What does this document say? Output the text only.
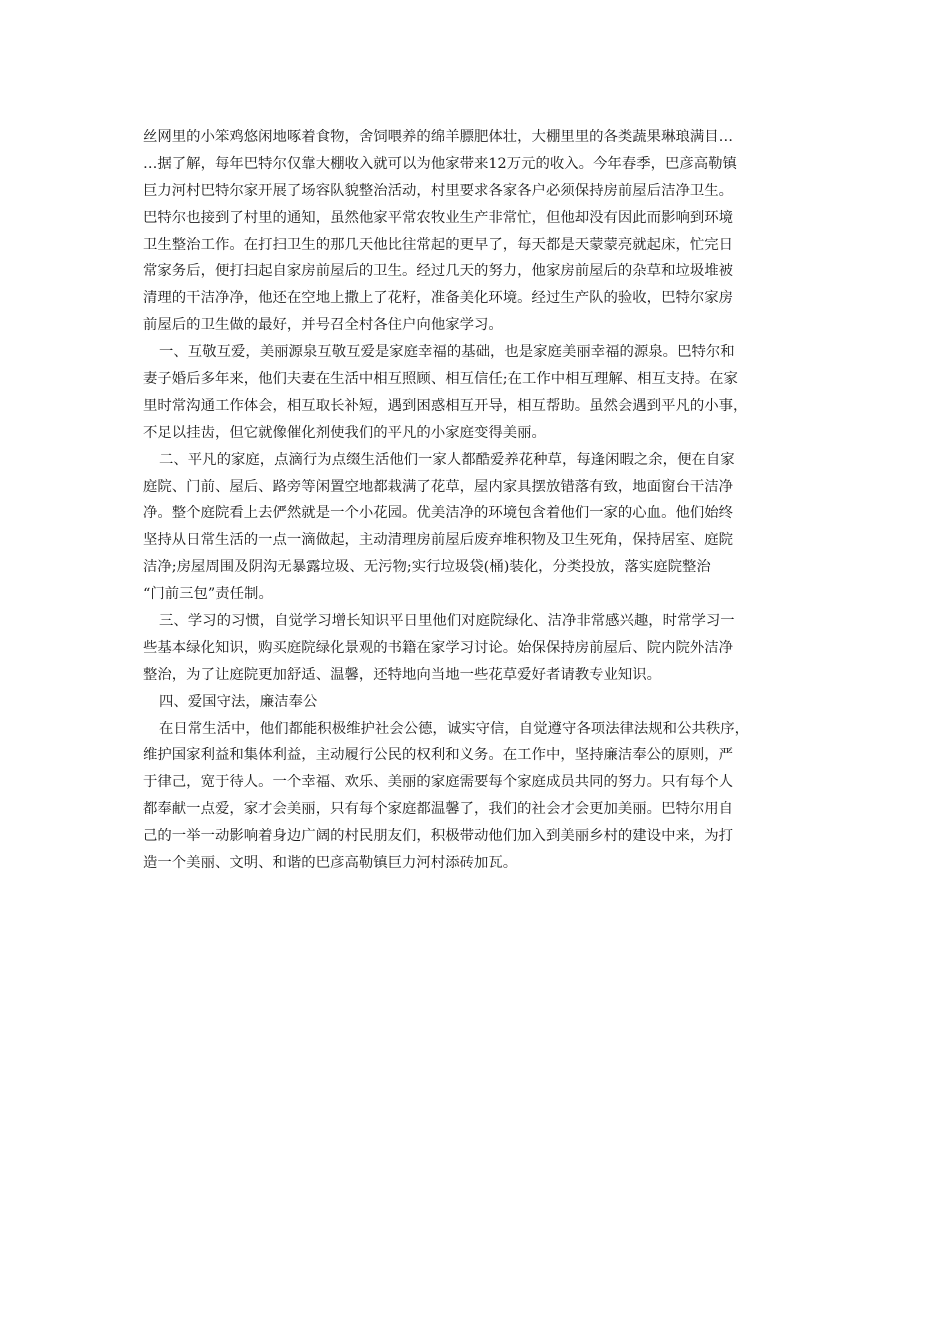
丝网里的小笨鸡悠闲地啄着食物，舍饲喂养的绵羊膘肥体壮，大棚里里的各类蔬果琳琅满目…
…据了解，每年巴特尔仅靠大棚收入就可以为他家带来12万元的收入。今年春季，巴彦高勒镇
巨力河村巴特尔家开展了场容队貌整治活动，村里要求各家各户必须保持房前屋后洁净卫生。
巴特尔也接到了村里的通知，虽然他家平常农牧业生产非常忙，但他却没有因此而影响到环境
卫生整治工作。在打扫卫生的那几天他比往常起的更早了，每天都是天蒙蒙亮就起床，忙完日
常家务后，便打扫起自家房前屋后的卫生。经过几天的努力，他家房前屋后的杂草和垃圾堆被
清理的干洁净净，他还在空地上撒上了花籽，准备美化环境。经过生产队的验收，巴特尔家房
前屋后的卫生做的最好，并号召全村各住户向他家学习。
一、互敬互爱，美丽源泉互敬互爱是家庭幸福的基础，也是家庭美丽幸福的源泉。巴特尔和
妻子婚后多年来，他们夫妻在生活中相互照顾、相互信任;在工作中相互理解、相互支持。在家
里时常沟通工作体会，相互取长补短，遇到困惑相互开导，相互帮助。虽然会遇到平凡的小事，
不足以挂齿，但它就像催化剂使我们的平凡的小家庭变得美丽。
二、平凡的家庭，点滴行为点缀生活他们一家人都酷爱养花种草，每逢闲暇之余，便在自家
庭院、门前、屋后、路旁等闲置空地都栽满了花草，屋内家具摆放错落有致，地面窗台干洁净
净。整个庭院看上去俨然就是一个小花园。优美洁净的环境包含着他们一家的心血。他们始终
坚持从日常生活的一点一滴做起，主动清理房前屋后废弃堆积物及卫生死角，保持居室、庭院
洁净;房屋周围及阴沟无暴露垃圾、无污物;实行垃圾袋(桶)装化，分类投放，落实庭院整治
“门前三包”责任制。
三、学习的习惯，自觉学习增长知识平日里他们对庭院绿化、洁净非常感兴趣，时常学习一
些基本绿化知识，购买庭院绿化景观的书籍在家学习讨论。始保保持房前屋后、院内院外洁净
整治，为了让庭院更加舒适、温馨，还特地向当地一些花草爱好者请教专业知识。
四、爱国守法，廉洁奉公
在日常生活中，他们都能积极维护社会公德，诚实守信，自觉遵守各项法律法规和公共秩序，
维护国家利益和集体利益，主动履行公民的权利和义务。在工作中，坚持廉洁奉公的原则，严
于律己，宽于待人。一个幸福、欢乐、美丽的家庭需要每个家庭成员共同的努力。只有每个人
都奉献一点爱，家才会美丽，只有每个家庭都温馨了，我们的社会才会更加美丽。巴特尔用自
己的一举一动影响着身边广阔的村民朋友们，积极带动他们加入到美丽乡村的建设中来，为打
造一个美丽、文明、和谐的巴彦高勒镇巨力河村添砖加瓦。
